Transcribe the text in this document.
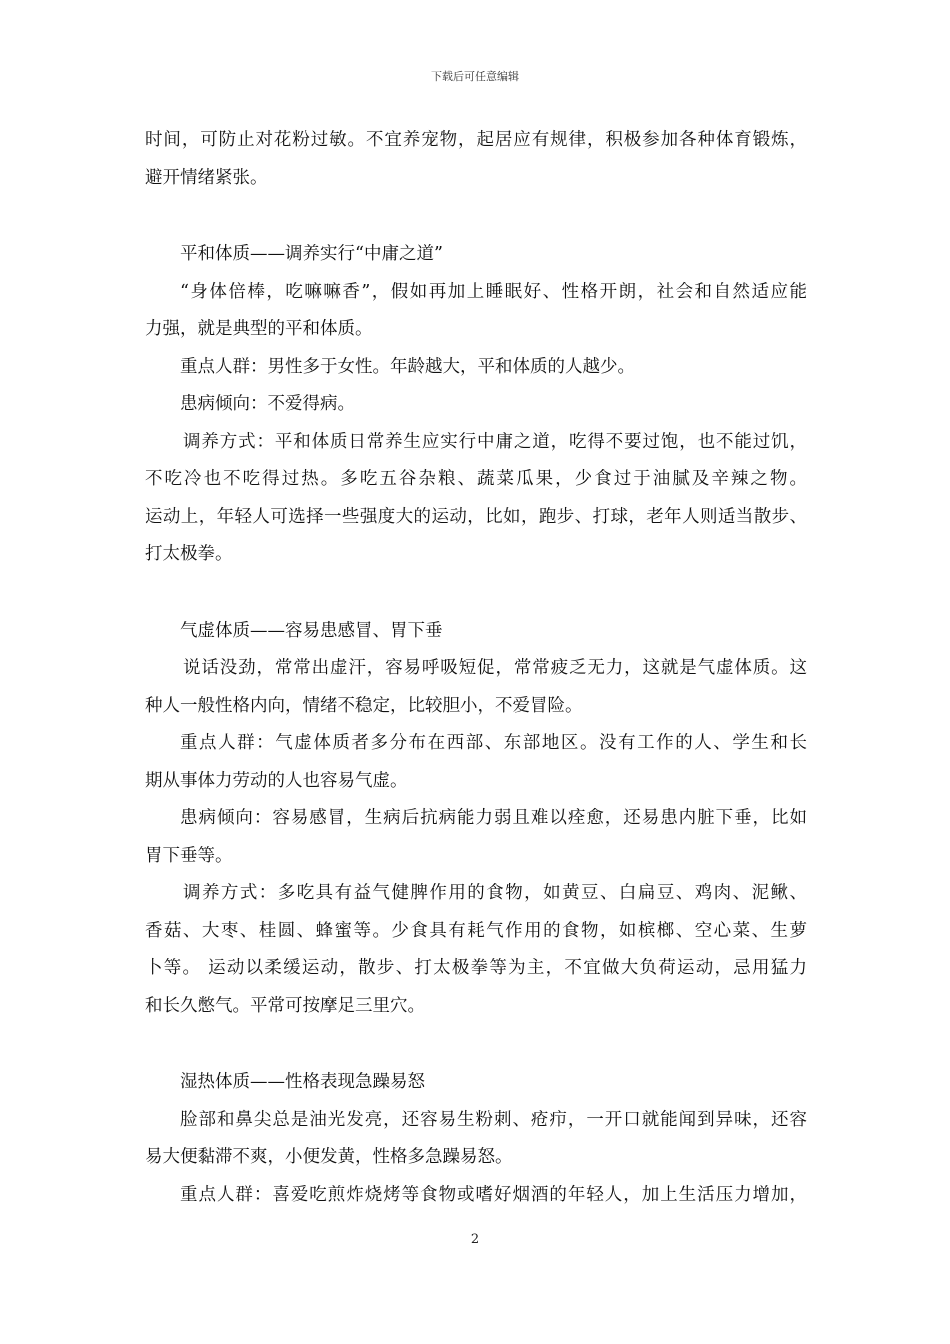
下载后可任意编辑
时间，可防止对花粉过敏。不宜养宠物，起居应有规律，积极参加各种体育锻炼，
避开情绪紧张。
平和体质——调养实行“中庸之道”
“身体倍棒，吃嘛嘛香”，假如再加上睡眠好、性格开朗，社会和自然适应能
力强，就是典型的平和体质。
重点人群：男性多于女性。年龄越大，平和体质的人越少。
患病倾向：不爱得病。
调养方式：平和体质日常养生应实行中庸之道，吃得不要过饱，也不能过饥，
不吃冷也不吃得过热。多吃五谷杂粮、蔬菜瓜果，少食过于油腻及辛辣之物。
运动上，年轻人可选择一些强度大的运动，比如，跑步、打球，老年人则适当散步、
打太极拳。
气虚体质——容易患感冒、胃下垂
说话没劲，常常出虚汗，容易呼吸短促，常常疲乏无力，这就是气虚体质。这
种人一般性格内向，情绪不稳定，比较胆小，不爱冒险。
重点人群：气虚体质者多分布在西部、东部地区。没有工作的人、学生和长
期从事体力劳动的人也容易气虚。
患病倾向：容易感冒，生病后抗病能力弱且难以痊愈，还易患内脏下垂，比如
胃下垂等。
调养方式：多吃具有益气健脾作用的食物，如黄豆、白扁豆、鸡肉、泥鳅、
香菇、大枣、桂圆、蜂蜜等。少食具有耗气作用的食物，如槟榔、空心菜、生萝
卜等。 运动以柔缓运动，散步、打太极拳等为主，不宜做大负荷运动，忌用猛力
和长久憋气。平常可按摩足三里穴。
湿热体质——性格表现急躁易怒
脸部和鼻尖总是油光发亮，还容易生粉刺、疮疖，一开口就能闻到异味，还容
易大便黏滞不爽，小便发黄，性格多急躁易怒。
重点人群：喜爱吃煎炸烧烤等食物或嗜好烟酒的年轻人，加上生活压力增加，
2
